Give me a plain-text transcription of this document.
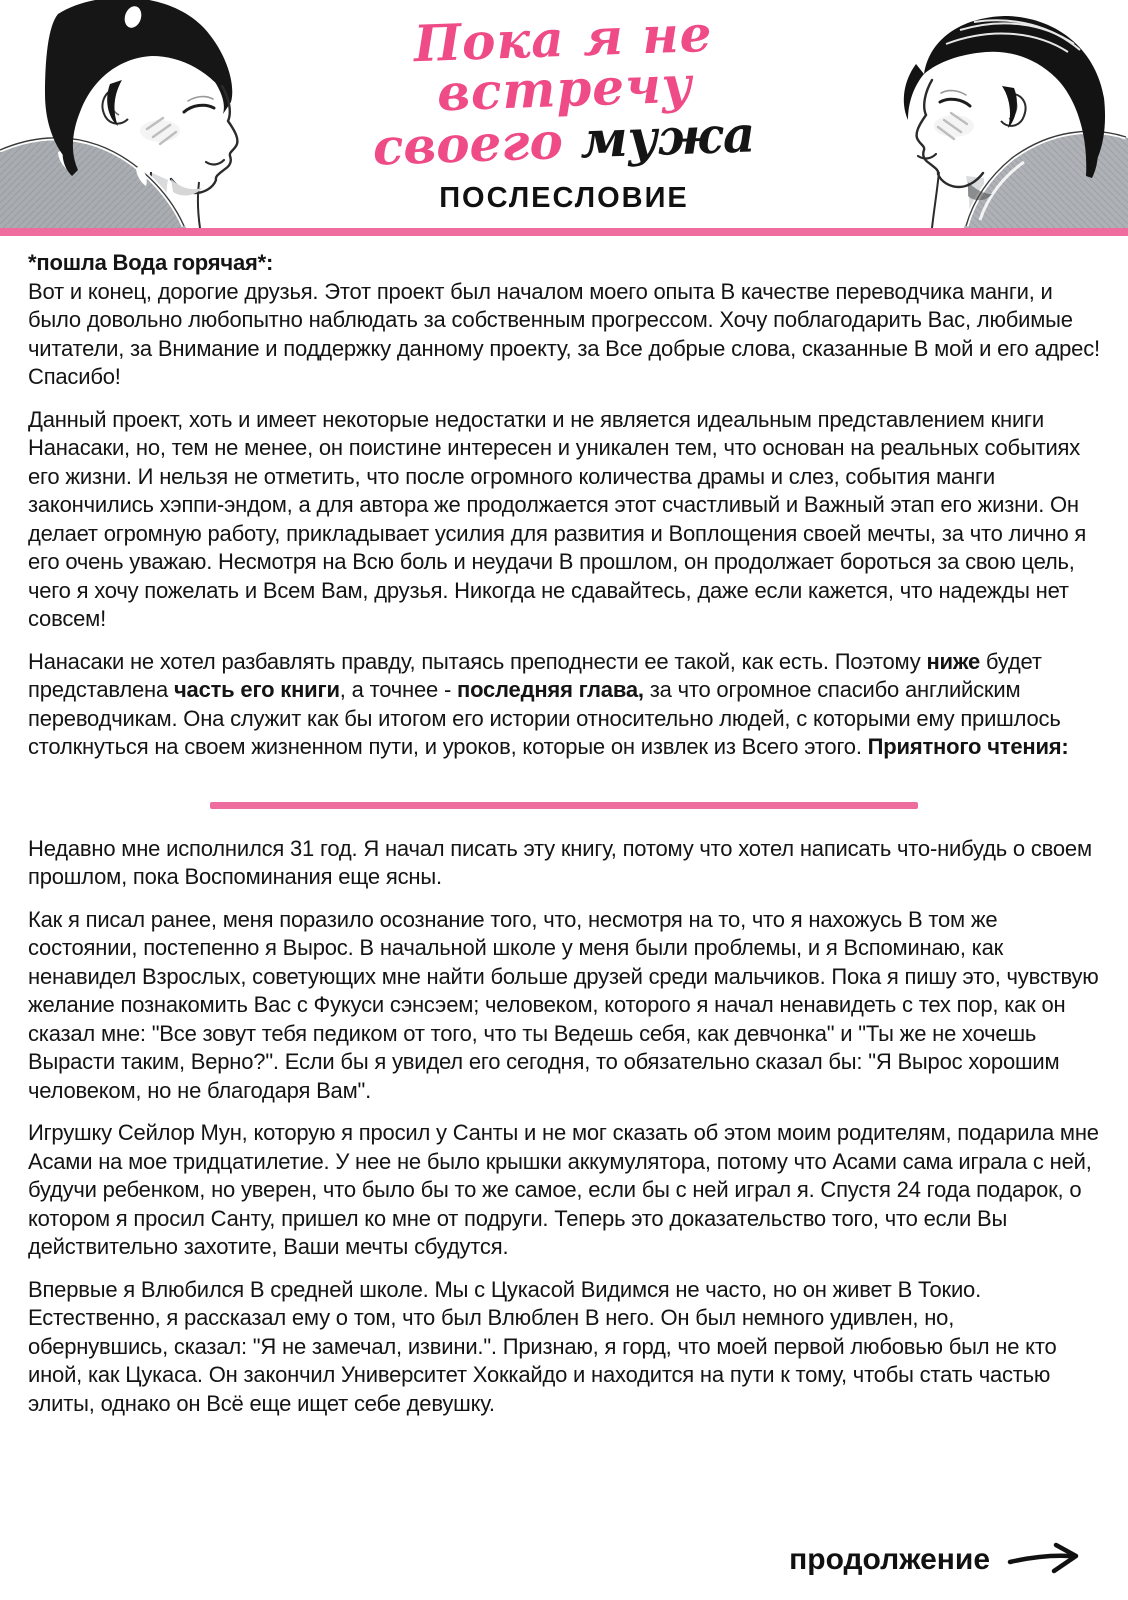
Пока я не встречу
своего мужа
ПОСЛЕСЛОВИЕ
*пошла Вода горячая*:
Вот и конец, дорогие друзья. Этот проект был началом моего опыта В качестве переводчика манги, и было довольно любопытно наблюдать за собственным прогрессом. Хочу поблагодарить Вас, любимые читатели, за Внимание и поддержку данному проекту, за Все добрые слова, сказанные В мой и его адрес! Спасибо!
Данный проект, хоть и имеет некоторые недостатки и не является идеальным представлением книги Нанасаки, но, тем не менее, он поистине интересен и уникален тем, что основан на реальных событиях его жизни. И нельзя не отметить, что после огромного количества драмы и слез, события манги закончились хэппи-эндом, а для автора же продолжается этот счастливый и Важный этап его жизни. Он делает огромную работу, прикладывает усилия для развития и Воплощения своей мечты, за что лично я его очень уважаю. Несмотря на Всю боль и неудачи В прошлом, он продолжает бороться за свою цель, чего я хочу пожелать и Всем Вам, друзья. Никогда не сдавайтесь, даже если кажется, что надежды нет совсем!
Нанасаки не хотел разбавлять правду, пытаясь преподнести ее такой, как есть. Поэтому ниже будет представлена часть его книги, а точнее - последняя глава, за что огромное спасибо английским переводчикам. Она служит как бы итогом его истории относительно людей, с которыми ему пришлось столкнуться на своем жизненном пути, и уроков, которые он извлек из Всего этого. Приятного чтения:
Недавно мне исполнился 31 год. Я начал писать эту книгу, потому что хотел написать что-нибудь о своем прошлом, пока Воспоминания еще ясны.
Как я писал ранее, меня поразило осознание того, что, несмотря на то, что я нахожусь В том же состоянии, постепенно я Вырос. В начальной школе у меня были проблемы, и я Вспоминаю, как ненавидел Взрослых, советующих мне найти больше друзей среди мальчиков. Пока я пишу это, чувствую желание познакомить Вас с Фукуси сэнсэем; человеком, которого я начал ненавидеть с тех пор, как он сказал мне: "Все зовут тебя педиком от того, что ты Ведешь себя, как девчонка" и "Ты же не хочешь Вырасти таким, Верно?". Если бы я увидел его сегодня, то обязательно сказал бы: "Я Вырос хорошим человеком, но не благодаря Вам".
Игрушку Сейлор Мун, которую я просил у Санты и не мог сказать об этом моим родителям, подарила мне Асами на мое тридцатилетие. У нее не было крышки аккумулятора, потому что Асами сама играла с ней, будучи ребенком, но уверен, что было бы то же самое, если бы с ней играл я. Спустя 24 года подарок, о котором я просил Санту, пришел ко мне от подруги. Теперь это доказательство того, что если Вы действительно захотите, Ваши мечты сбудутся.
Впервые я Влюбился В средней школе. Мы с Цукасой Видимся не часто, но он живет В Токио. Естественно, я рассказал ему о том, что был Влюблен В него. Он был немного удивлен, но, обернувшись, сказал: "Я не замечал, извини.". Признаю, я горд, что моей первой любовью был не кто иной, как Цукаса. Он закончил Университет Хоккайдо и находится на пути к тому, чтобы стать частью элиты, однако он Всё еще ищет себе девушку.
продолжение
